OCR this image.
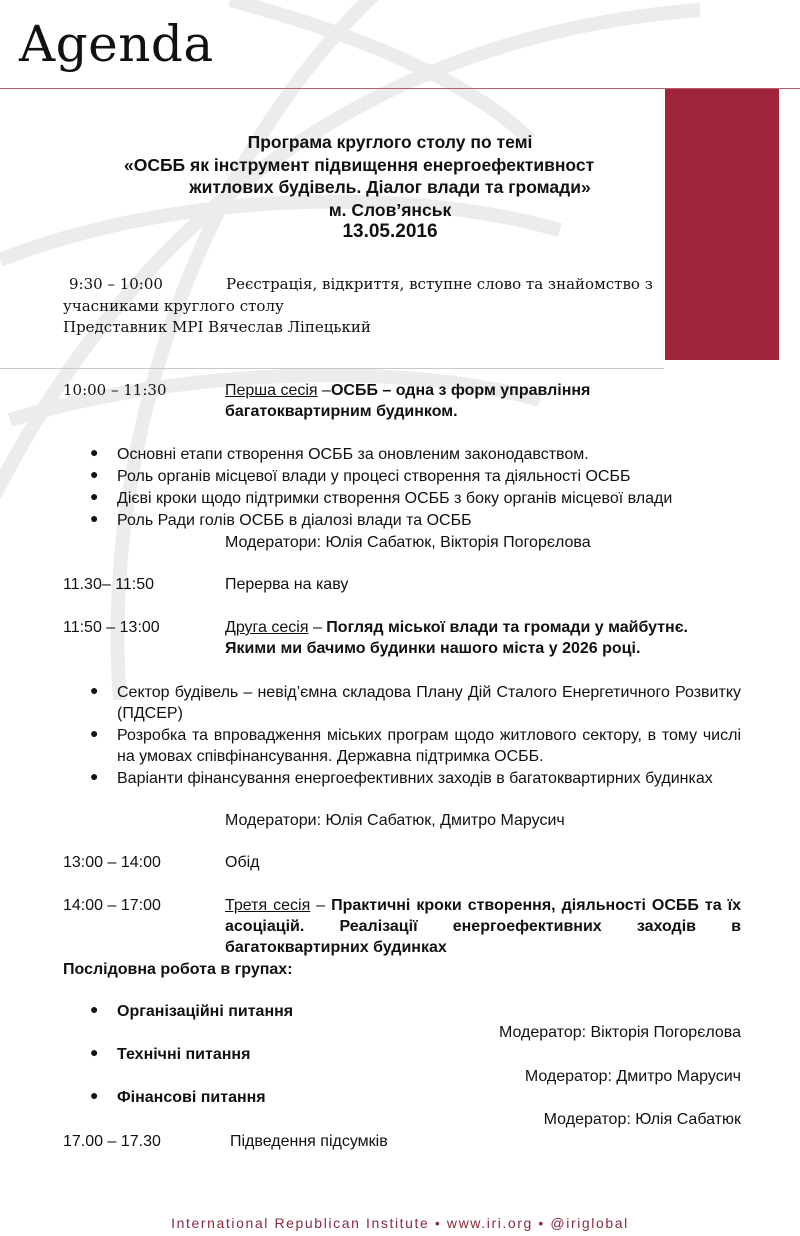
Agenda
Програма круглого столу по темі
«ОСББ як інструмент підвищення енергоефективност
житлових будівель. Діалог влади та громади»
м. Слов’янськ
13.05.2016
9:30 – 10:00	Реєстрація, відкриття, вступне слово та знайомство з
учасниками круглого столу
Представник МРІ Вячеслав Ліпецький
10:00 – 11:30	Перша сесія –ОСББ – одна з форм управління
багатоквартирним будинком.
● Основні етапи створення ОСББ за оновленим законодавством.
● Роль органів місцевої влади у процесі створення та діяльності ОСББ
● Дієві кроки щодо підтримки створення ОСББ з боку органів місцевої влади
● Роль Ради голів ОСББ в діалозі влади та ОСББ
Модератори: Юлія Сабатюк, Вікторія Погорєлова
11.30– 11:50	Перерва на каву
11:50 – 13:00	Друга сесія – Погляд міської влади та громади у майбутнє.
Якими ми бачимо будинки нашого міста у 2026 році.
● Сектор будівель – невід’ємна складова Плану Дій Сталого Енергетичного Розвитку (ПДСЕР)
● Розробка та впровадження міських програм щодо житлового сектору, в тому числі на умовах співфінансування. Державна підтримка ОСББ.
● Варіанти фінансування енергоефективних заходів в багатоквартирних будинках
Модератори: Юлія Сабатюк, Дмитро Марусич
13:00 – 14:00	Обід
14:00 – 17:00	Третя сесія – Практичні кроки створення, діяльності ОСББ та їх асоціацій. Реалізації енергоефективних заходів в багатоквартирних будинках
Послідовна робота в групах:
● Організаційні питання
Модератор: Вікторія Погорєлова
● Технічні питання
Модератор: Дмитро Марусич
● Фінансові питання
Модератор: Юлія Сабатюк
17.00 – 17.30	Підведення підсумків
International Republican Institute • www.iri.org • @iriglobal
